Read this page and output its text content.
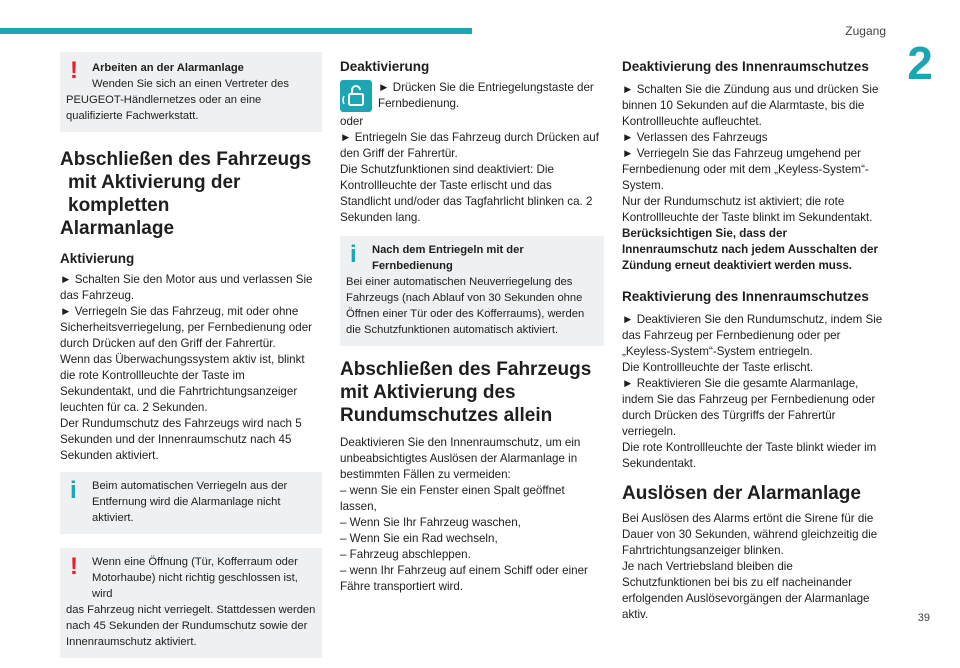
Zugang
2
!	Arbeiten an der Alarmanlage

Wenden Sie sich an einen Vertreter des

PEUGEOT-Händlernetzes oder an eine qualifizierte Fachwerkstatt.

Abschließen des Fahrzeugs
mit Aktivierung der kompletten
Alarmanlage
Aktivierung

► Schalten Sie den Motor aus und verlassen Sie das Fahrzeug.

► Verriegeln Sie das Fahrzeug, mit oder ohne Sicherheitsverriegelung, per Fernbedienung oder durch Drücken auf den Griff der Fahrertür.

Wenn das Überwachungssystem aktiv ist, blinkt die rote Kontrollleuchte der Taste im Sekundentakt, und die Fahrtrichtungsanzeiger leuchten für ca. 2 Sekunden.

Der Rundumschutz des Fahrzeugs wird nach 5 Sekunden und der Innenraumschutz nach 45 Sekunden aktiviert.

i	Beim automatischen Verriegeln aus der Entfernung wird die Alarmanlage nicht aktiviert.

!	Wenn eine Öffnung (Tür, Kofferraum oder Motorhaube) nicht richtig geschlossen ist, wird

das Fahrzeug nicht verriegelt. Stattdessen werden nach 45 Sekunden der Rundumschutz sowie der Innenraumschutz aktiviert.

Deaktivierung

► Drücken Sie die Entriegelungstaste der Fernbedienung.

oder

► Entriegeln Sie das Fahrzeug durch Drücken auf den Griff der Fahrertür.

Die Schutzfunktionen sind deaktiviert: Die Kontrollleuchte der Taste erlischt und das Standlicht und/oder das Tagfahrlicht blinken ca. 2 Sekunden lang.

i	Nach dem Entriegeln mit der Fernbedienung

Bei einer automatischen Neuverriegelung des Fahrzeugs (nach Ablauf von 30 Sekunden ohne Öffnen einer Tür oder des Kofferraums), werden die Schutzfunktionen automatisch aktiviert.

Abschließen des Fahrzeugs
mit Aktivierung des
Rundumschutzes allein

Deaktivieren Sie den Innenraumschutz, um ein unbeabsichtigtes Auslösen der Alarmanlage in bestimmten Fällen zu vermeiden:

– wenn Sie ein Fenster einen Spalt geöffnet lassen,
– Wenn Sie Ihr Fahrzeug waschen,
– Wenn Sie ein Rad wechseln,
– Fahrzeug abschleppen.
– wenn Ihr Fahrzeug auf einem Schiff oder einer Fähre transportiert wird.
Deaktivierung des Innenraumschutzes

► Schalten Sie die Zündung aus und drücken Sie binnen 10 Sekunden auf die Alarmtaste, bis die Kontrollleuchte aufleuchtet.

► Verlassen des Fahrzeugs

► Verriegeln Sie das Fahrzeug umgehend per Fernbedienung oder mit dem „Keyless-System“-System.

Nur der Rundumschutz ist aktiviert; die rote Kontrollleuchte der Taste blinkt im Sekundentakt.

Berücksichtigen Sie, dass der Innenraumschutz nach jedem Ausschalten der Zündung erneut deaktiviert werden muss.

Reaktivierung des Innenraumschutzes

► Deaktivieren Sie den Rundumschutz, indem Sie das Fahrzeug per Fernbedienung oder per „Keyless-System“-System entriegeln.

Die Kontrollleuchte der Taste erlischt.

► Reaktivieren Sie die gesamte Alarmanlage, indem Sie das Fahrzeug per Fernbedienung oder durch Drücken des Türgriffs der Fahrertür verriegeln.

Die rote Kontrollleuchte der Taste blinkt wieder im Sekundentakt.

Auslösen der Alarmanlage

Bei Auslösen des Alarms ertönt die Sirene für die Dauer von 30 Sekunden, während gleichzeitig die Fahrtrichtungsanzeiger blinken.

Je nach Vertriebsland bleiben die Schutzfunktionen bei bis zu elf nacheinander erfolgenden Auslösevorgängen der Alarmanlage aktiv.	39
